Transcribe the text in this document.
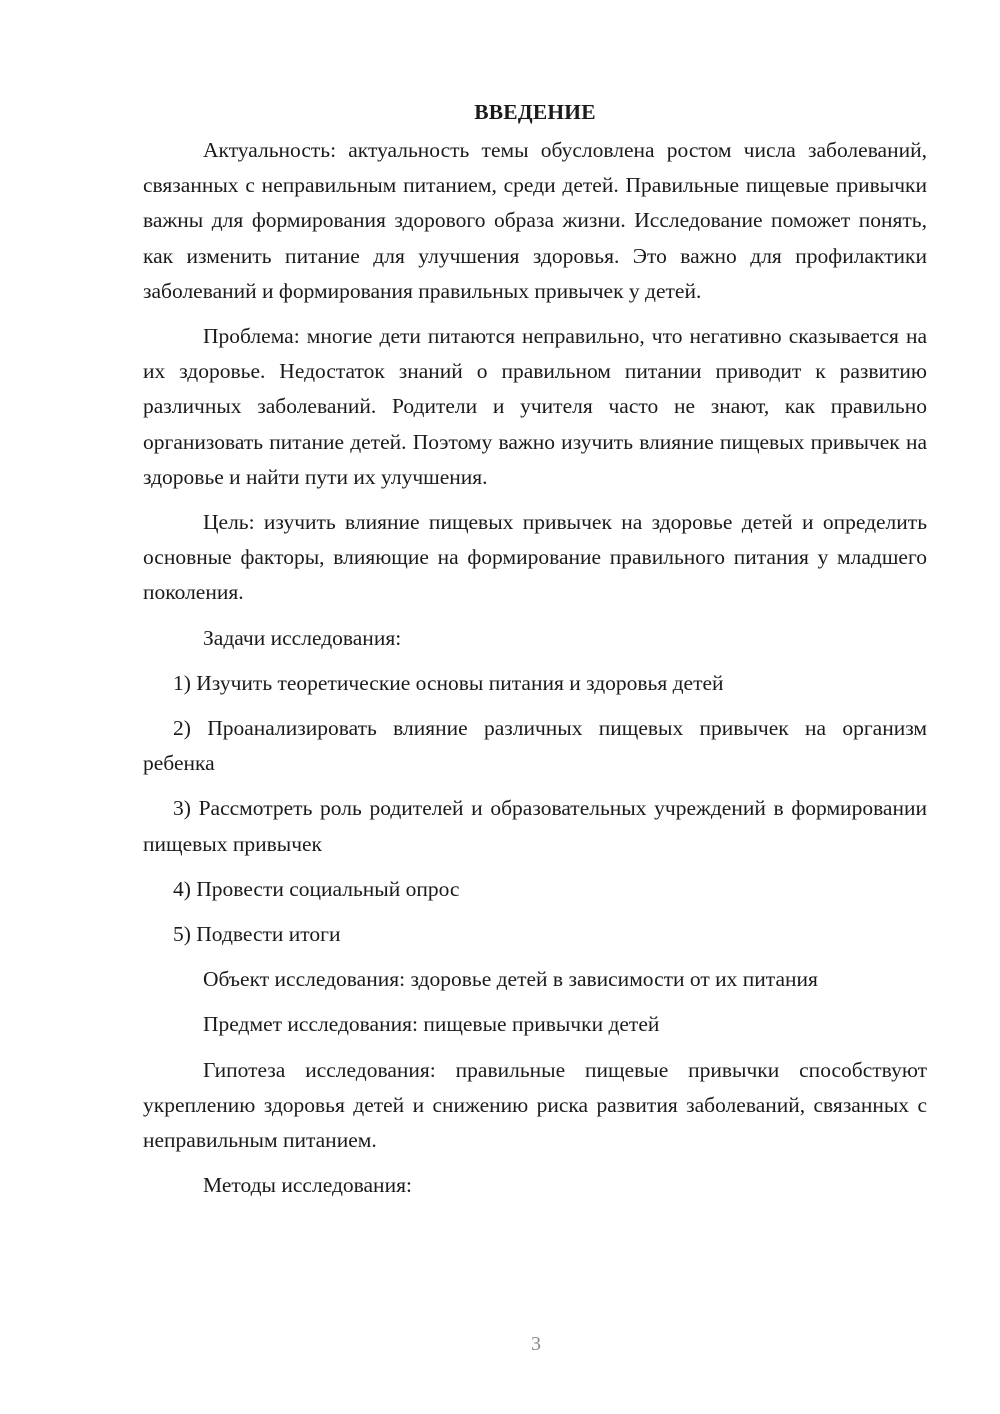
ВВЕДЕНИЕ

Актуальность: актуальность темы обусловлена ростом числа заболеваний, связанных с неправильным питанием, среди детей. Правильные пищевые привычки важны для формирования здорового образа жизни. Исследование поможет понять, как изменить питание для улучшения здоровья. Это важно для профилактики заболеваний и формирования правильных привычек у детей.

Проблема: многие дети питаются неправильно, что негативно сказывается на их здоровье. Недостаток знаний о правильном питании приводит к развитию различных заболеваний. Родители и учителя часто не знают, как правильно организовать питание детей. Поэтому важно изучить влияние пищевых привычек на здоровье и найти пути их улучшения.

Цель: изучить влияние пищевых привычек на здоровье детей и определить основные факторы, влияющие на формирование правильного питания у младшего поколения.

Задачи исследования:

1) Изучить теоретические основы питания и здоровья детей

2) Проанализировать влияние различных пищевых привычек на организм ребенка

3) Рассмотреть роль родителей и образовательных учреждений в формировании пищевых привычек

4) Провести социальный опрос

5) Подвести итоги

Объект исследования: здоровье детей в зависимости от их питания

Предмет исследования: пищевые привычки детей

Гипотеза исследования: правильные пищевые привычки способствуют укреплению здоровья детей и снижению риска развития заболеваний, связанных с неправильным питанием.

Методы исследования:

3
